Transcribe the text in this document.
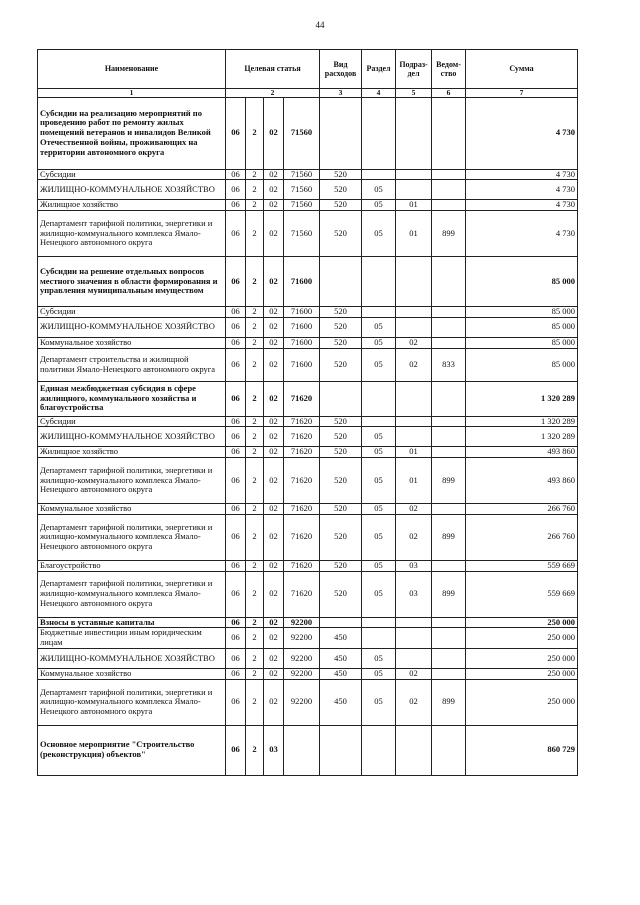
44
Наименование	Целевая статья				Вид расходов	Раздел	Подраз-дел	Ведом-ство	Сумма
1	2				3	4	5	6	7
Субсидии на реализацию мероприятий по проведению работ по ремонту жилых помещений ветеранов и инвалидов Великой Отечественной войны, проживающих на территории автономного округа	06	2	02	71560					4 730
Субсидии	06	2	02	71560	520				4 730
ЖИЛИЩНО-КОММУНАЛЬНОЕ ХОЗЯЙСТВО	06	2	02	71560	520	05			4 730
Жилищное хозяйство	06	2	02	71560	520	05	01		4 730
Департамент тарифной политики, энергетики и жилищно-коммунального комплекса Ямало-Ненецкого автономного округа	06	2	02	71560	520	05	01	899	4 730
Субсидии на решение отдельных вопросов местного значения в области формирования и управления муниципальным имуществом	06	2	02	71600					85 000
Субсидии	06	2	02	71600	520				85 000
ЖИЛИЩНО-КОММУНАЛЬНОЕ ХОЗЯЙСТВО	06	2	02	71600	520	05			85 000
Коммунальное хозяйство	06	2	02	71600	520	05	02		85 000
Департамент строительства и жилищной политики Ямало-Ненецкого автономного округа	06	2	02	71600	520	05	02	833	85 000
Единая межбюджетная субсидия в сфере жилищного, коммунального хозяйства и благоустройства	06	2	02	71620					1 320 289
Субсидии	06	2	02	71620	520				1 320 289
ЖИЛИЩНО-КОММУНАЛЬНОЕ ХОЗЯЙСТВО	06	2	02	71620	520	05			1 320 289
Жилищное хозяйство	06	2	02	71620	520	05	01		493 860
Департамент тарифной политики, энергетики и жилищно-коммунального комплекса Ямало-Ненецкого автономного округа	06	2	02	71620	520	05	01	899	493 860
Коммунальное хозяйство	06	2	02	71620	520	05	02		266 760
Департамент тарифной политики, энергетики и жилищно-коммунального комплекса Ямало-Ненецкого автономного округа	06	2	02	71620	520	05	02	899	266 760
Благоустройство	06	2	02	71620	520	05	03		559 669
Департамент тарифной политики, энергетики и жилищно-коммунального комплекса Ямало-Ненецкого автономного округа	06	2	02	71620	520	05	03	899	559 669
Взносы в уставные капиталы	06	2	02	92200					250 000
Бюджетные инвестиции иным юридическим лицам	06	2	02	92200	450				250 000
ЖИЛИЩНО-КОММУНАЛЬНОЕ ХОЗЯЙСТВО	06	2	02	92200	450	05			250 000
Коммунальное хозяйство	06	2	02	92200	450	05	02		250 000
Департамент тарифной политики, энергетики и жилищно-коммунального комплекса Ямало-Ненецкого автономного округа	06	2	02	92200	450	05	02	899	250 000
Основное мероприятие "Строительство (реконструкция) объектов"	06	2	03						860 729
